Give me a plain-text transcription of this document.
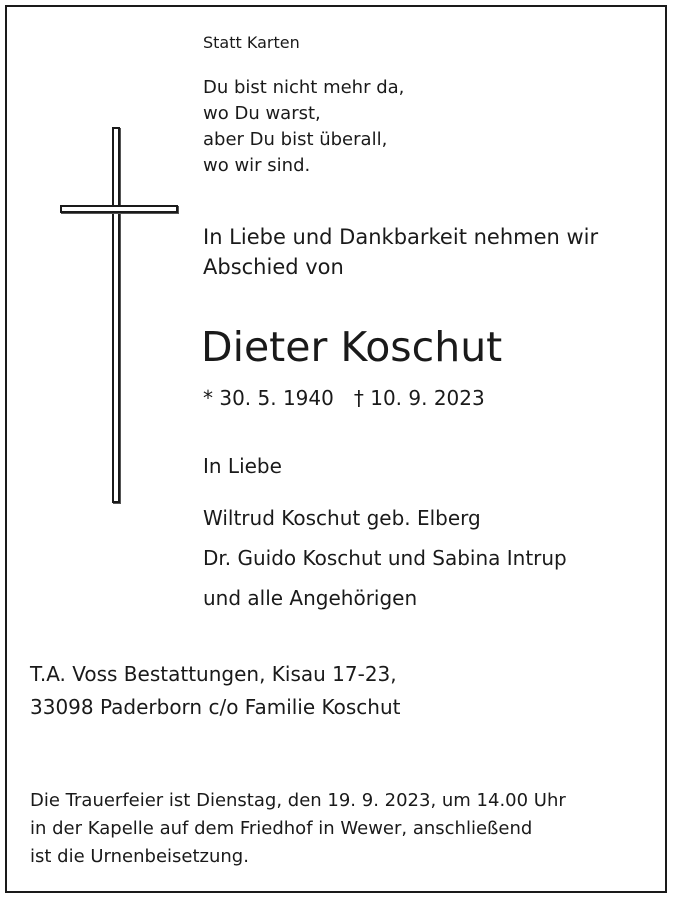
Statt Karten

Du bist nicht mehr da,
wo Du warst,
aber Du bist überall,
wo wir sind.
In Liebe und Dankbarkeit nehmen wir
Abschied von

Dieter Koschut

* 30. 5. 1940 † 10. 9. 2023

In Liebe

Wiltrud Koschut geb. Elberg
Dr. Guido Koschut und Sabina Intrup
und alle Angehörigen
T.A. Voss Bestattungen, Kisau 17-23,
33098 Paderborn c/o Familie Koschut
Die Trauerfeier ist Dienstag, den 19. 9. 2023, um 14.00 Uhr
in der Kapelle auf dem Friedhof in Wewer, anschließend
ist die Urnenbeisetzung.
